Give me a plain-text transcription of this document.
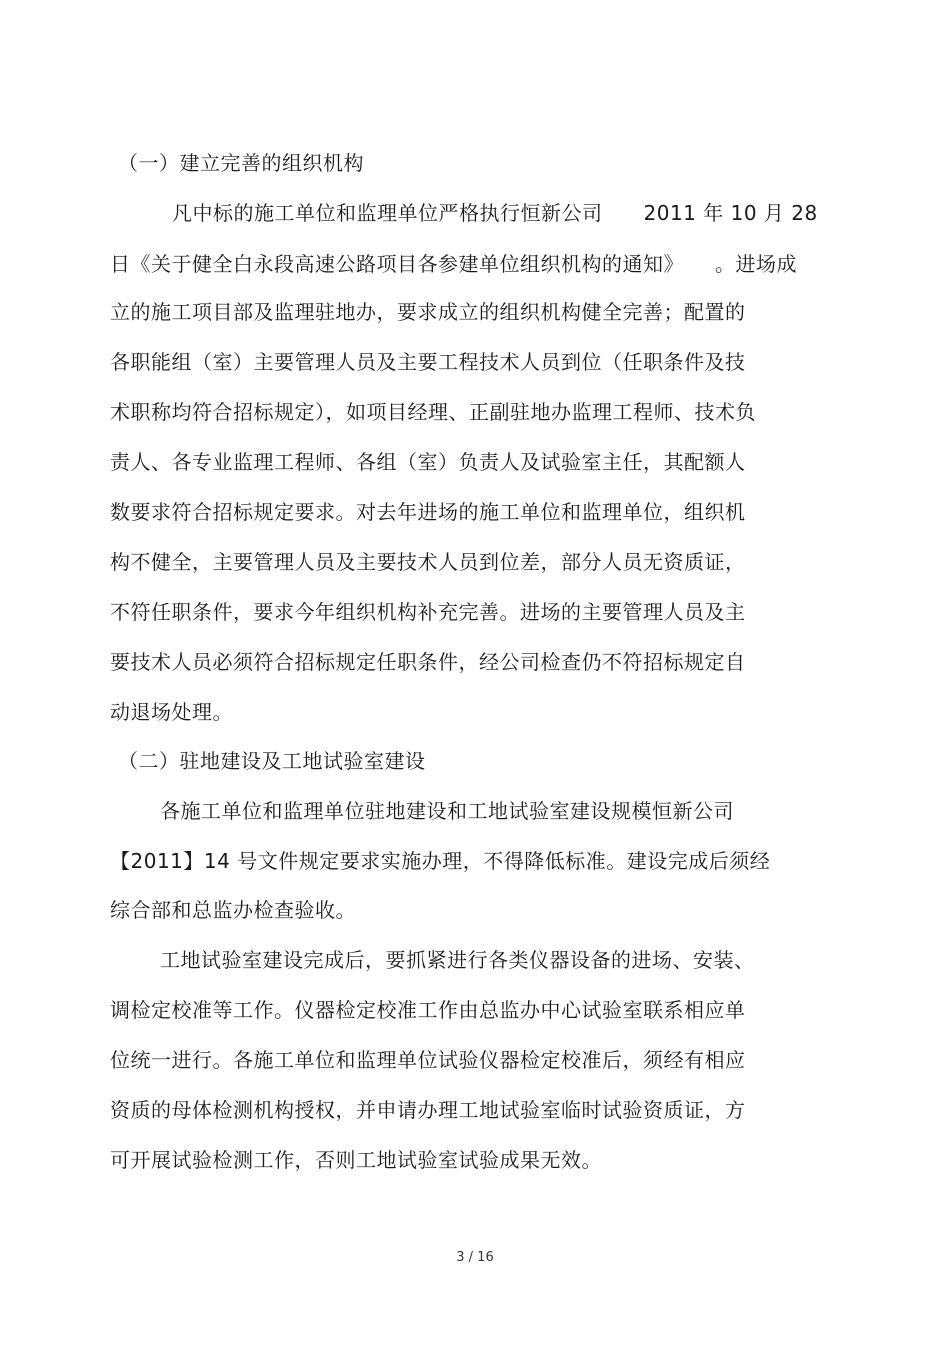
（一）建立完善的组织机构
凡中标的施工单位和监理单位严格执行恒新公司　　2011 年 10 月 28
日《关于健全白永段高速公路项目各参建单位组织机构的通知》　　。进场成
立的施工项目部及监理驻地办，要求成立的组织机构健全完善；配置的
各职能组（室）主要管理人员及主要工程技术人员到位（任职条件及技
术职称均符合招标规定），如项目经理、正副驻地办监理工程师、技术负
责人、各专业监理工程师、各组（室）负责人及试验室主任，其配额人
数要求符合招标规定要求。对去年进场的施工单位和监理单位，组织机
构不健全，主要管理人员及主要技术人员到位差，部分人员无资质证，
不符任职条件，要求今年组织机构补充完善。进场的主要管理人员及主
要技术人员必须符合招标规定任职条件，经公司检查仍不符招标规定自
动退场处理。
（二）驻地建设及工地试验室建设
各施工单位和监理单位驻地建设和工地试验室建设规模恒新公司
【2011】14 号文件规定要求实施办理，不得降低标准。建设完成后须经
综合部和总监办检查验收。
工地试验室建设完成后，要抓紧进行各类仪器设备的进场、安装、
调检定校准等工作。仪器检定校准工作由总监办中心试验室联系相应单
位统一进行。各施工单位和监理单位试验仪器检定校准后，须经有相应
资质的母体检测机构授权，并申请办理工地试验室临时试验资质证，方
可开展试验检测工作，否则工地试验室试验成果无效。
3 / 16
